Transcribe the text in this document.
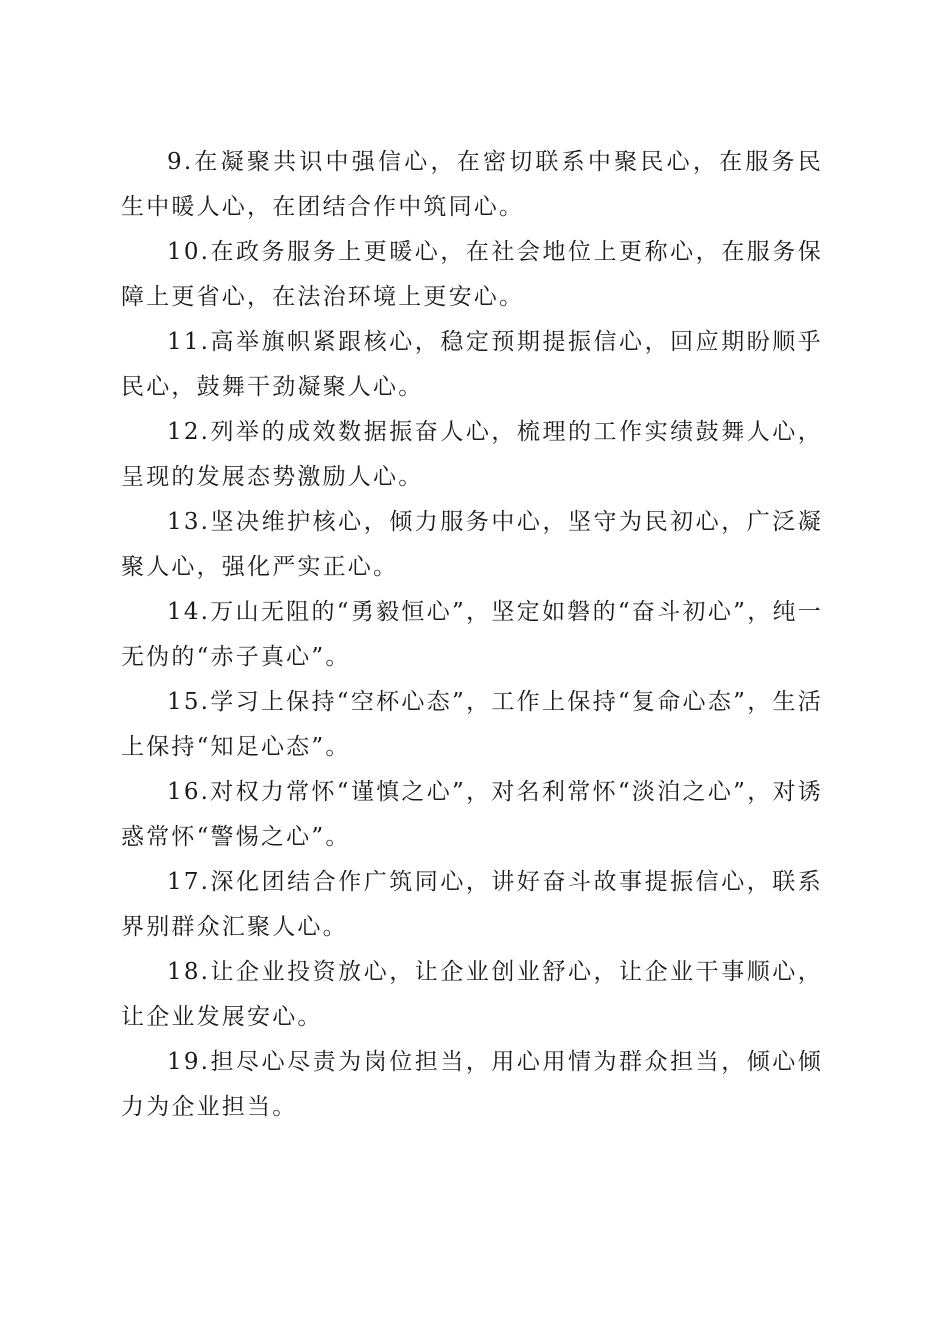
9.在凝聚共识中强信心，在密切联系中聚民心，在服务民生中暖人心，在团结合作中筑同心。

10.在政务服务上更暖心，在社会地位上更称心，在服务保障上更省心，在法治环境上更安心。

11.高举旗帜紧跟核心，稳定预期提振信心，回应期盼顺乎民心，鼓舞干劲凝聚人心。

12.列举的成效数据振奋人心，梳理的工作实绩鼓舞人心，呈现的发展态势激励人心。

13.坚决维护核心，倾力服务中心，坚守为民初心，广泛凝聚人心，强化严实正心。

14.万山无阻的“勇毅恒心”，坚定如磐的“奋斗初心”，纯一无伪的“赤子真心”。

15.学习上保持“空杯心态”，工作上保持“复命心态”，生活上保持“知足心态”。

16.对权力常怀“谨慎之心”，对名利常怀“淡泊之心”，对诱惑常怀“警惕之心”。

17.深化团结合作广筑同心，讲好奋斗故事提振信心，联系界别群众汇聚人心。

18.让企业投资放心，让企业创业舒心，让企业干事顺心，让企业发展安心。

19.担尽心尽责为岗位担当，用心用情为群众担当，倾心倾力为企业担当。
